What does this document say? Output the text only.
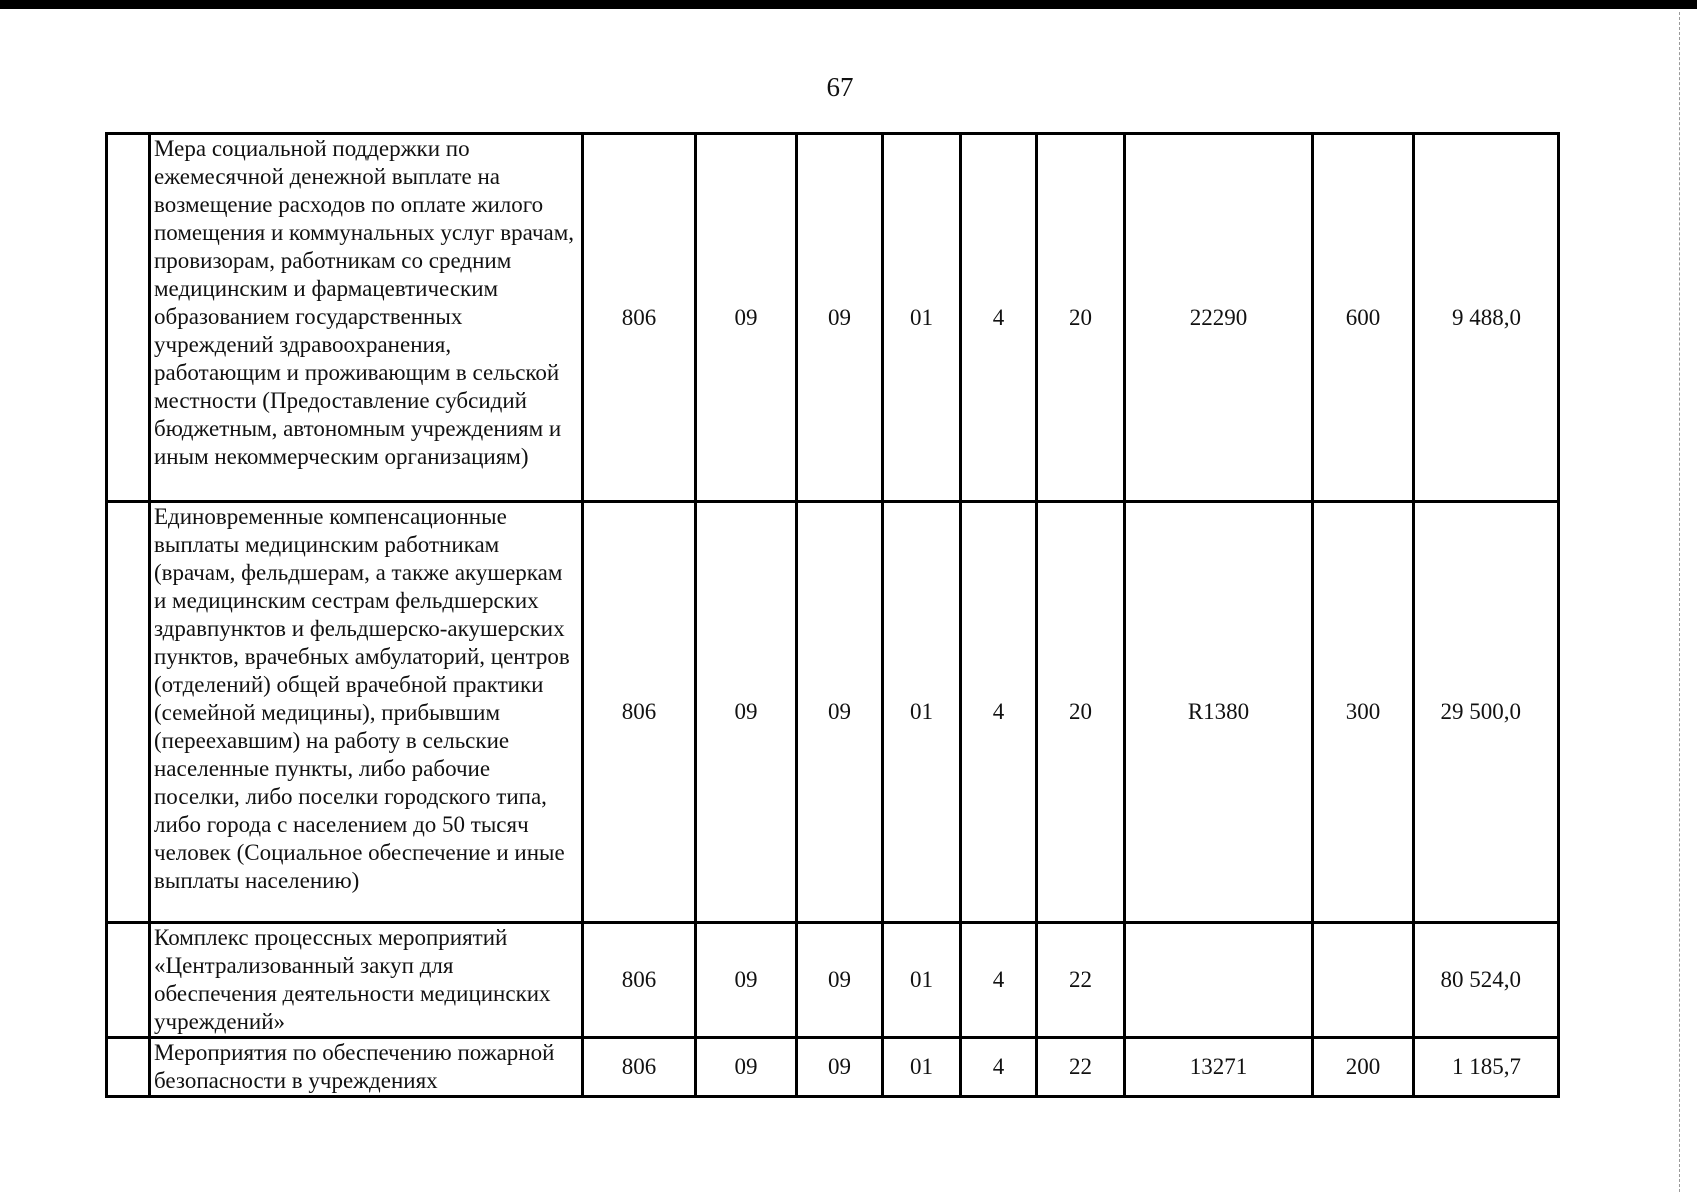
67
	Мера социальной поддержки по ежемесячной денежной выплате на возмещение расходов по оплате жилого помещения и коммунальных услуг врачам, провизорам, работникам со средним медицинским и фармацевтическим образованием государственных учреждений здравоохранения, работающим и проживающим в сельской местности (Предоставление субсидий бюджетным, автономным учреждениям и иным некоммерческим организациям)	806	09	09	01	4	20	22290	600	9 488,0
	Единовременные компенсационные выплаты медицинским работникам (врачам, фельдшерам, а также акушеркам и медицинским сестрам фельдшерских здравпунктов и фельдшерско-акушерских пунктов, врачебных амбулаторий, центров (отделений) общей врачебной практики (семейной медицины), прибывшим (переехавшим) на работу в сельские населенные пункты, либо рабочие поселки, либо поселки городского типа, либо города с населением до 50 тысяч человек (Социальное обеспечение и иные выплаты населению)	806	09	09	01	4	20	R1380	300	29 500,0
	Комплекс процессных мероприятий «Централизованный закуп для обеспечения деятельности медицинских учреждений»	806	09	09	01	4	22			80 524,0
	Мероприятия по обеспечению пожарной безопасности в учреждениях	806	09	09	01	4	22	13271	200	1 185,7
